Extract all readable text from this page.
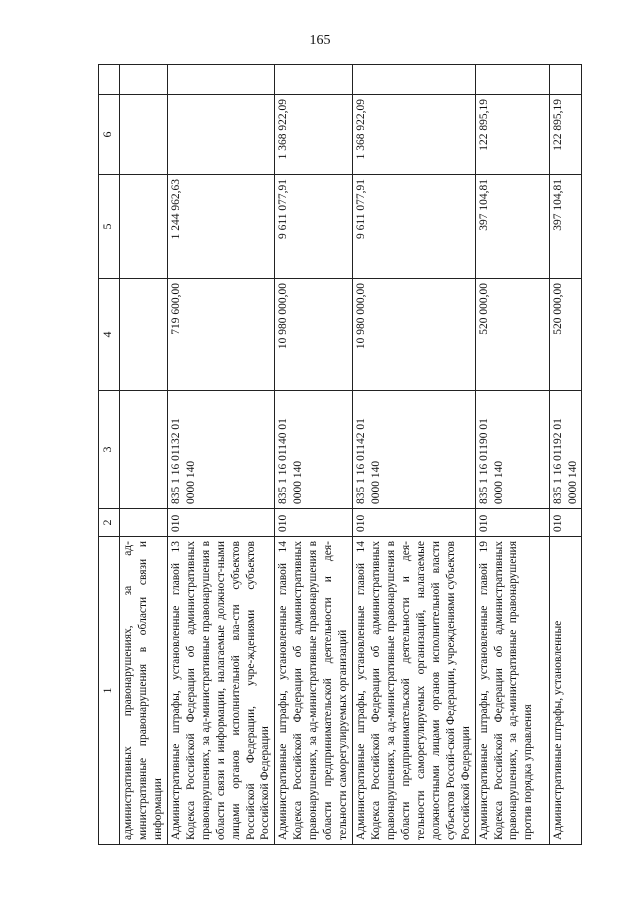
165
1	2	3	4	5	6	
административных правонарушениях, за ад-министративные правонарушения в области связи и информации						
Административные штрафы, установленные главой 13 Кодекса Российской Федерации об административных правонарушениях, за ад-министративные правонарушения в области связи и информации, налагаемые должност-ными лицами органов исполнительной вла-сти субъектов Российской Федерации, учре-ждениями субъектов Российской Федерации	010	835 1 16 01132 01 0000 140	719 600,00	1 244 962,63		
Административные штрафы, установленные главой 14 Кодекса Российской Федерации об административных правонарушениях, за ад-министративные правонарушения в области предпринимательской деятельности и дея-тельности саморегулируемых организаций	010	835 1 16 01140 01 0000 140	10 980 000,00	9 611 077,91	1 368 922,09	
Административные штрафы, установленные главой 14 Кодекса Российской Федерации об административных правонарушениях, за ад-министративные правонарушения в области предпринимательской деятельности и дея-тельности саморегулируемых организаций, налагаемые должностными лицами органов исполнительной власти субъектов Россий-ской Федерации, учреждениями субъектов Российской Федерации	010	835 1 16 01142 01 0000 140	10 980 000,00	9 611 077,91	1 368 922,09	
Административные штрафы, установленные главой 19 Кодекса Российской Федерации об административных правонарушениях, за ад-министративные правонарушения против порядка управления	010	835 1 16 01190 01 0000 140	520 000,00	397 104,81	122 895,19	
Административные штрафы, установленные	010	835 1 16 01192 01 0000 140	520 000,00	397 104,81	122 895,19	
